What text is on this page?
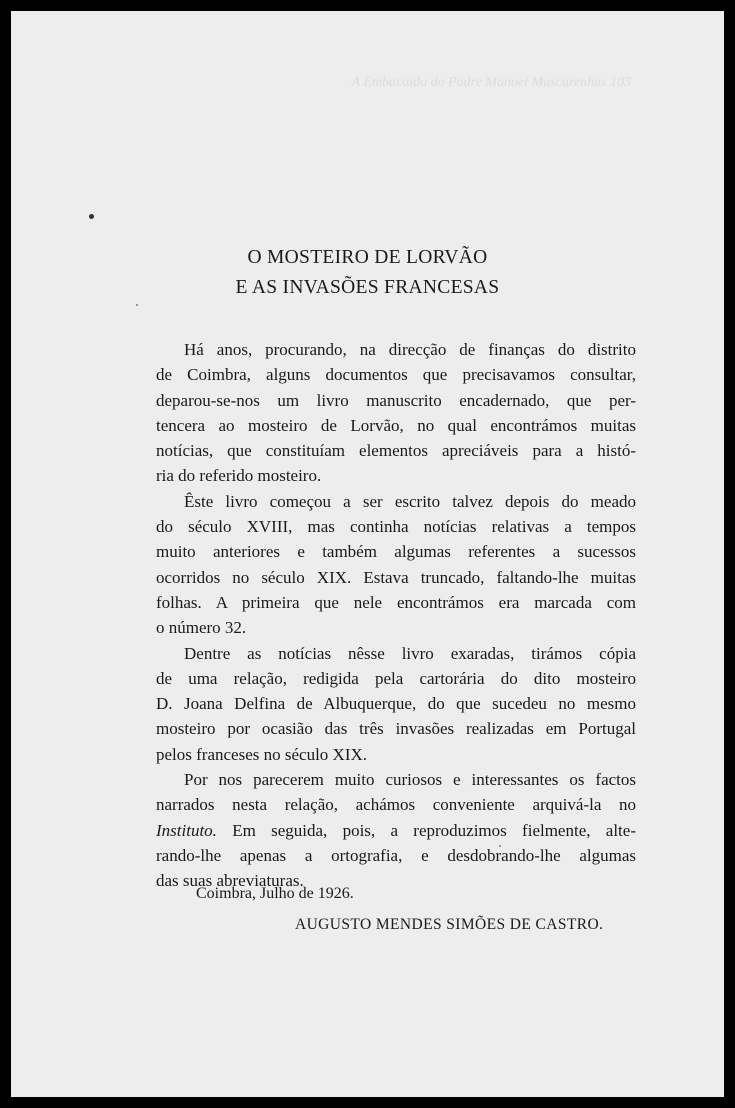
A Embaixada do Padre Manoel Mascarenhas 103
O MOSTEIRO DE LORVÃO
E AS INVASÕES FRANCESAS
Há anos, procurando, na direcção de finanças do distrito
de Coimbra, alguns documentos que precisavamos consultar,
deparou-se-nos um livro manuscrito encadernado, que per-
tencera ao mosteiro de Lorvão, no qual encontrámos muitas
notícias, que constituíam elementos apreciáveis para a histó-
ria do referido mosteiro.
Êste livro começou a ser escrito talvez depois do meado
do século XVIII, mas continha notícias relativas a tempos
muito anteriores e também algumas referentes a sucessos
ocorridos no século XIX. Estava truncado, faltando-lhe muitas
folhas. A primeira que nele encontrámos era marcada com
o número 32.
Dentre as notícias nêsse livro exaradas, tirámos cópia
de uma relação, redigida pela cartorária do dito mosteiro
D. Joana Delfina de Albuquerque, do que sucedeu no mesmo
mosteiro por ocasião das três invasões realizadas em Portugal
pelos franceses no século XIX.
Por nos parecerem muito curiosos e interessantes os factos
narrados nesta relação, achámos conveniente arquivá-la no
Instituto. Em seguida, pois, a reproduzimos fielmente, alte-
rando-lhe apenas a ortografia, e desdobrando-lhe algumas
das suas abreviaturas.
Coimbra, Julho de 1926.
AUGUSTO MENDES SIMÕES DE CASTRO.
